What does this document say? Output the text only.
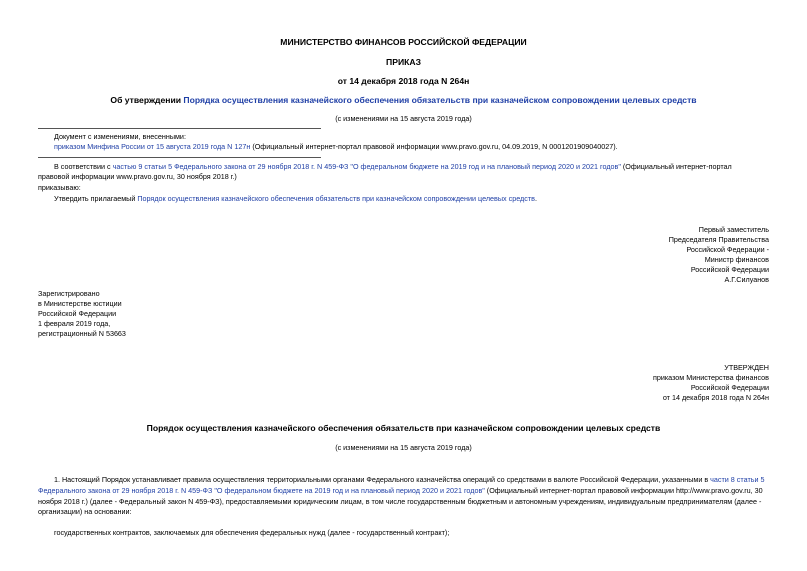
МИНИСТЕРСТВО ФИНАНСОВ РОССИЙСКОЙ ФЕДЕРАЦИИ
ПРИКАЗ
от 14 декабря 2018 года N 264н
Об утверждении Порядка осуществления казначейского обеспечения обязательств при казначейском сопровождении целевых средств
(с изменениями на 15 августа 2019 года)
Документ с изменениями, внесенными:
приказом Минфина России от 15 августа 2019 года N 127н (Официальный интернет-портал правовой информации www.pravo.gov.ru, 04.09.2019, N 0001201909040027).
В соответствии с частью 9 статьи 5 Федерального закона от 29 ноября 2018 г. N 459-ФЗ "О федеральном бюджете на 2019 год и на плановый период 2020 и 2021 годов" (Официальный интернет-портал
правовой информации www.pravo.gov.ru, 30 ноября 2018 г.)
приказываю:
Утвердить прилагаемый Порядок осуществления казначейского обеспечения обязательств при казначейском сопровождении целевых средств.
Первый заместитель
Председателя Правительства
Российской Федерации -
Министр финансов
Российской Федерации
А.Г.Силуанов
Зарегистрировано
в Министерстве юстиции
Российской Федерации
1 февраля 2019 года,
регистрационный N 53663
УТВЕРЖДЕН
приказом Министерства финансов
Российской Федерации
от 14 декабря 2018 года N 264н
Порядок осуществления казначейского обеспечения обязательств при казначейском сопровождении целевых средств
(с изменениями на 15 августа 2019 года)
1. Настоящий Порядок устанавливает правила осуществления территориальными органами Федерального казначейства операций со средствами в валюте Российской Федерации, указанными в части 8 статьи 5
Федерального закона от 29 ноября 2018 г. N 459-ФЗ "О федеральном бюджете на 2019 год и на плановый период 2020 и 2021 годов" (Официальный интернет-портал правовой информации http://www.pravo.gov.ru, 30
ноября 2018 г.) (далее - Федеральный закон N 459-ФЗ), предоставляемыми юридическим лицам, в том числе государственным бюджетным и автономным учреждениям, индивидуальным предпринимателям (далее -
организации) на основании:
государственных контрактов, заключаемых для обеспечения федеральных нужд (далее - государственный контракт);
